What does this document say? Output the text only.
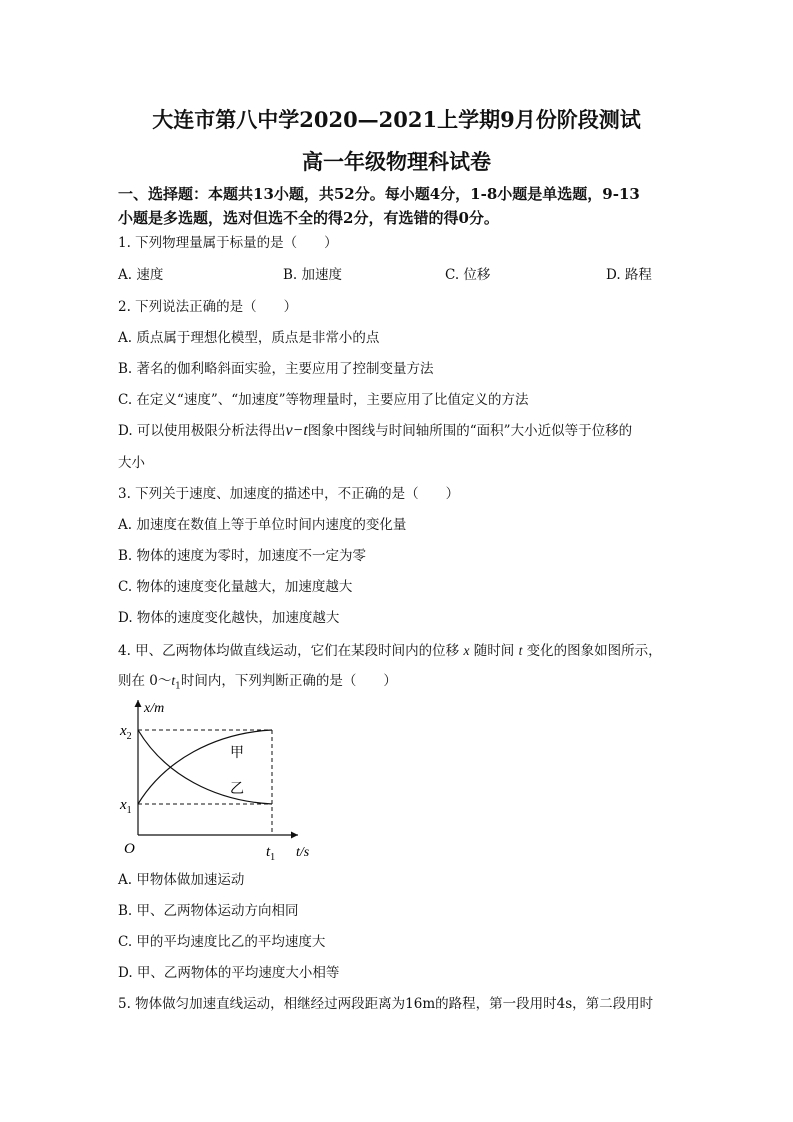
大连市第八中学2020—2021上学期9月份阶段测试
高一年级物理科试卷
一、选择题：本题共13小题，共52分。每小题4分，1-8小题是单选题，9-13
小题是多选题，选对但选不全的得2分，有选错的得0分。
1. 下列物理量属于标量的是（　　）
A. 速度	B. 加速度	C. 位移	D. 路程
2. 下列说法正确的是（　　）
A. 质点属于理想化模型，质点是非常小的点
B. 著名的伽利略斜面实验，主要应用了控制变量方法
C. 在定义“速度”、“加速度”等物理量时，主要应用了比值定义的方法
D. 可以使用极限分析法得出v−t图象中图线与时间轴所围的“面积”大小近似等于位移的
大小
3. 下列关于速度、加速度的描述中，不正确的是（　　）
A. 加速度在数值上等于单位时间内速度的变化量
B. 物体的速度为零时，加速度不一定为零
C. 物体的速度变化量越大，加速度越大
D. 物体的速度变化越快，加速度越大
4. 甲、乙两物体均做直线运动，它们在某段时间内的位移 x 随时间 t 变化的图象如图所示，
则在 $0\sim t_1$时间内，下列判断正确的是（　　）
x/m
t/s
O
$x_2$
$x_1$
$t_1$
甲
乙
A. 甲物体做加速运动
B. 甲、乙两物体运动方向相同
C. 甲的平均速度比乙的平均速度大
D. 甲、乙两物体的平均速度大小相等
5. 物体做匀加速直线运动，相继经过两段距离为16m的路程，第一段用时4s，第二段用时
